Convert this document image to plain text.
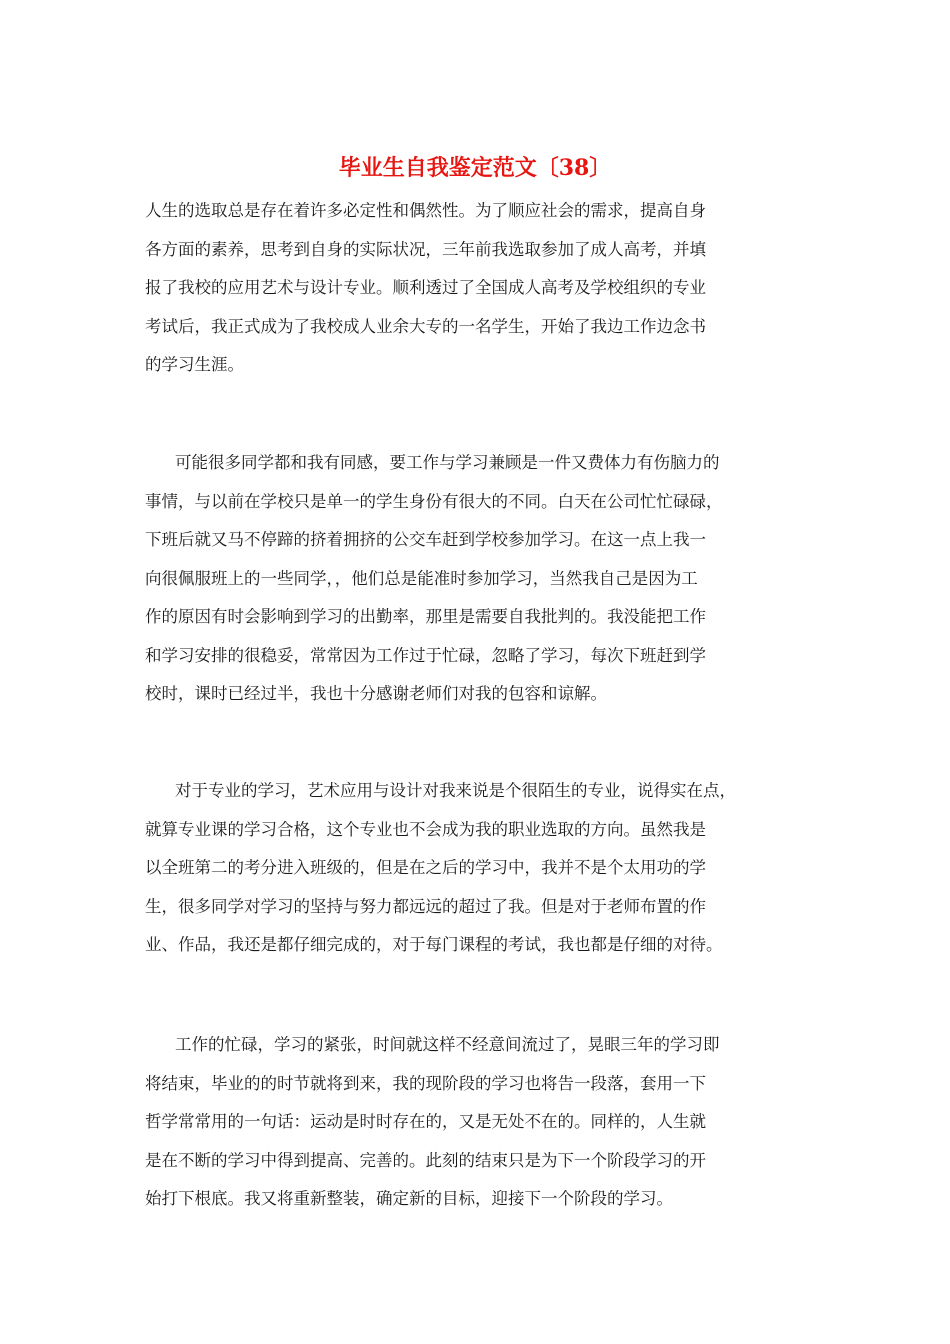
毕业生自我鉴定范文〔38〕
人生的选取总是存在着许多必定性和偶然性。为了顺应社会的需求，提高自身
各方面的素养，思考到自身的实际状况，三年前我选取参加了成人高考，并填
报了我校的应用艺术与设计专业。顺利透过了全国成人高考及学校组织的专业
考试后，我正式成为了我校成人业余大专的一名学生，开始了我边工作边念书
的学习生涯。
可能很多同学都和我有同感，要工作与学习兼顾是一件又费体力有伤脑力的
事情，与以前在学校只是单一的学生身份有很大的不同。白天在公司忙忙碌碌，
下班后就又马不停蹄的挤着拥挤的公交车赶到学校参加学习。在这一点上我一
向很佩服班上的一些同学，，他们总是能准时参加学习，当然我自己是因为工
作的原因有时会影响到学习的出勤率，那里是需要自我批判的。我没能把工作
和学习安排的很稳妥，常常因为工作过于忙碌，忽略了学习，每次下班赶到学
校时，课时已经过半，我也十分感谢老师们对我的包容和谅解。
对于专业的学习，艺术应用与设计对我来说是个很陌生的专业，说得实在点，
就算专业课的学习合格，这个专业也不会成为我的职业选取的方向。虽然我是
以全班第二的考分进入班级的，但是在之后的学习中，我并不是个太用功的学
生，很多同学对学习的坚持与努力都远远的超过了我。但是对于老师布置的作
业、作品，我还是都仔细完成的，对于每门课程的考试，我也都是仔细的对待。
工作的忙碌，学习的紧张，时间就这样不经意间流过了，晃眼三年的学习即
将结束，毕业的的时节就将到来，我的现阶段的学习也将告一段落，套用一下
哲学常常用的一句话：运动是时时存在的，又是无处不在的。同样的，人生就
是在不断的学习中得到提高、完善的。此刻的结束只是为下一个阶段学习的开
始打下根底。我又将重新整装，确定新的目标，迎接下一个阶段的学习。
